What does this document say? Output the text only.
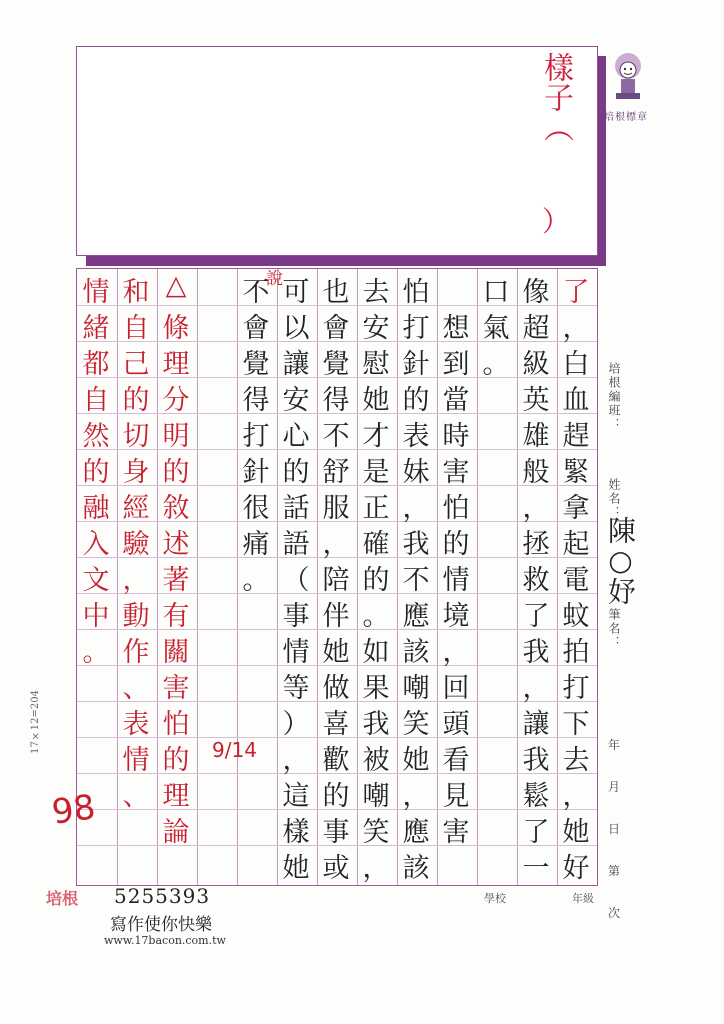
樣子（
）
培根標章
了
，
白
血
趕
緊
拿
起
電
蚊
拍
打
下
去
，
她
好
像
超
級
英
雄
般
，
拯
救
了
我
，
讓
我
鬆
了
一
口
氣
。

想
到
當
時
害
怕
的
情
境
，
回
頭
看
見
害
怕
打
針
的
表
妹
，
我
不
應
該
嘲
笑
她
，
應
該
去
安
慰
她
才
是
正
確
的
。
如
果
我
被
嘲
笑
，
也
會
覺
得
不
舒
服
，
陪
伴
她
做
喜
歡
的
事
或
可
以
讓
安
心
的
話
語
（
事
情
等
）
，
這
樣
她
不
會
覺
得
打
針
很
痛
。
△
條
理
分
明
的
敘
述
著
有
關
害
怕
的
理
論
和
自
己
的
切
身
經
驗
，
動
作
、
表
情
、
情
緒
都
自
然
的
融
入
文
中
。
培根編班：
姓名：
陳○妤
筆名：
年
月
日
第
次
學校	年級
培根 5255393
寫作使你快樂
www.17bacon.com.tw
17×12=204
98
9/14
說
